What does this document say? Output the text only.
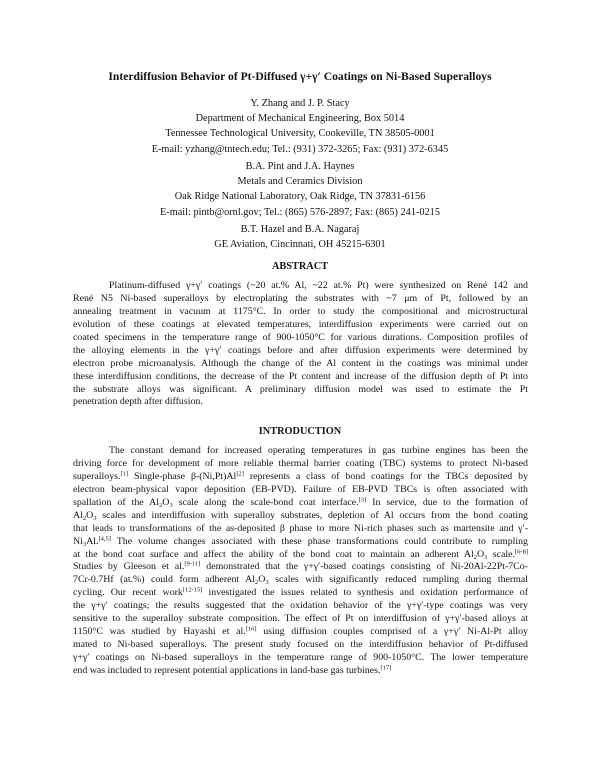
Interdiffusion Behavior of Pt-Diffused γ+γ′ Coatings on Ni-Based Superalloys
Y. Zhang and J. P. Stacy
Department of Mechanical Engineering, Box 5014
Tennessee Technological University, Cookeville, TN 38505-0001
E-mail: yzhang@tntech.edu; Tel.: (931) 372-3265; Fax: (931) 372-6345
B.A. Pint and J.A. Haynes
Metals and Ceramics Division
Oak Ridge National Laboratory, Oak Ridge, TN 37831-6156
E-mail: pintb@ornl.gov; Tel.: (865) 576-2897; Fax: (865) 241-0215
B.T. Hazel and B.A. Nagaraj
GE Aviation, Cincinnati, OH 45215-6301
ABSTRACT
Platinum-diffused γ+γ′ coatings (~20 at.% Al, ~22 at.% Pt) were synthesized on René 142 and
René N5 Ni-based superalloys by electroplating the substrates with ~7 μm of Pt, followed by an
annealing treatment in vacuum at 1175°C. In order to study the compositional and microstructural
evolution of these coatings at elevated temperatures, interdiffusion experiments were carried out on
coated specimens in the temperature range of 900-1050°C for various durations. Composition profiles of
the alloying elements in the γ+γ′ coatings before and after diffusion experiments were determined by
electron probe microanalysis. Although the change of the Al content in the coatings was minimal under
these interdiffusion conditions, the decrease of the Pt content and increase of the diffusion depth of Pt into
the substrate alloys was significant. A preliminary diffusion model was used to estimate the Pt
penetration depth after diffusion.
INTRODUCTION
The constant demand for increased operating temperatures in gas turbine engines has been the
driving force for development of more reliable thermal barrier coating (TBC) systems to protect Ni-based
superalloys.[1] Single-phase β-(Ni,Pt)Al[2] represents a class of bond coatings for the TBCs deposited by
electron beam-physical vapor deposition (EB-PVD). Failure of EB-PVD TBCs is often associated with
spallation of the $Al_2O_3$ scale along the scale-bond coat interface.[3] In service, due to the formation of
$Al_2O_3$ scales and interdiffusion with superalloy substrates, depletion of Al occurs from the bond coating
that leads to transformations of the as-deposited β phase to more Ni-rich phases such as martensite and γ′-
$Ni_3Al.[4,5]$ The volume changes associated with these phase transformations could contribute to rumpling
at the bond coat surface and affect the ability of the bond coat to maintain an adherent $Al_2O_3$ scale.[6-8]
Studies by Gleeson et al.[9-11] demonstrated that the γ+γ′-based coatings consisting of Ni-20Al-22Pt-7Co-
7Cr-0.7Hf (at.%) could form adherent $Al_2O_3$ scales with significantly reduced rumpling during thermal
cycling. Our recent work[12-15] investigated the issues related to synthesis and oxidation performance of
the γ+γ′ coatings; the results suggested that the oxidation behavior of the γ+γ′-type coatings was very
sensitive to the superalloy substrate composition. The effect of Pt on interdiffusion of γ+γ′-based alloys at
1150°C was studied by Hayashi et al.[16] using diffusion couples comprised of a γ+γ′ Ni-Al-Pt alloy
mated to Ni-based superalloys. The present study focused on the interdiffusion behavior of Pt-diffused
γ+γ′ coatings on Ni-based superalloys in the temperature range of 900-1050°C. The lower temperature
end was included to represent potential applications in land-base gas turbines.[17]
